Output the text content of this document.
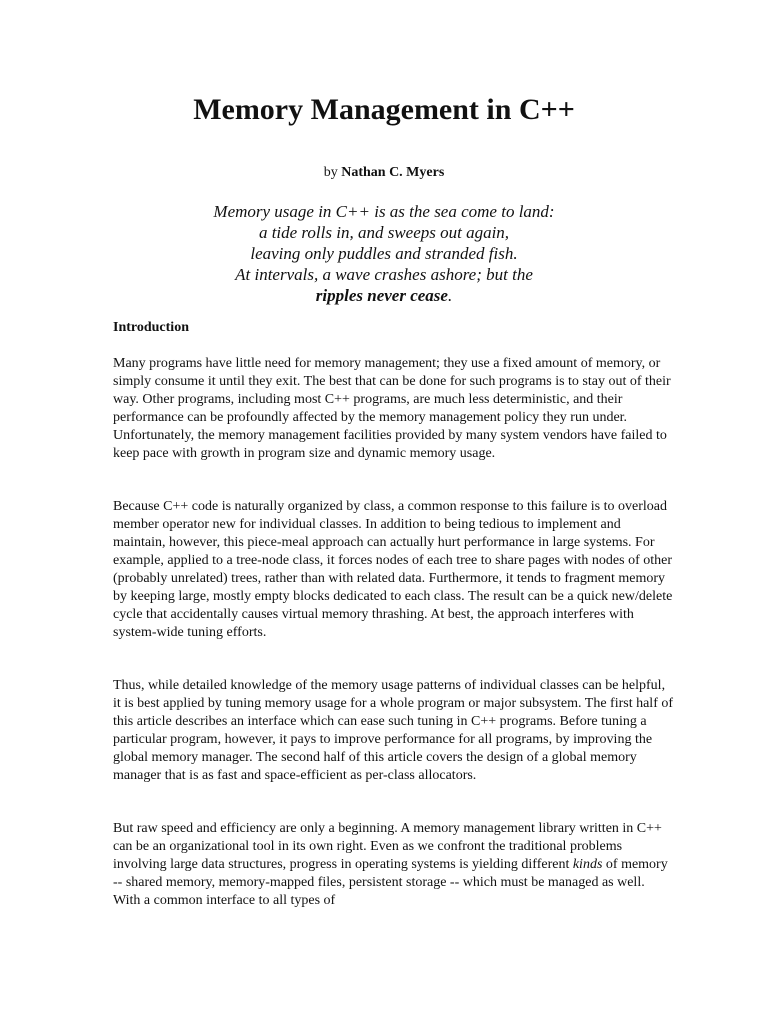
Memory Management in C++
by Nathan C. Myers
Memory usage in C++ is as the sea come to land:
a tide rolls in, and sweeps out again,
leaving only puddles and stranded fish.
At intervals, a wave crashes ashore; but the
ripples never cease.
Introduction

Many programs have little need for memory management; they use a fixed amount of memory, or simply consume it until they exit. The best that can be done for such programs is to stay out of their way. Other programs, including most C++ programs, are much less deterministic, and their performance can be profoundly affected by the memory management policy they run under. Unfortunately, the memory management facilities provided by many system vendors have failed to keep pace with growth in program size and dynamic memory usage.

Because C++ code is naturally organized by class, a common response to this failure is to overload member operator new for individual classes. In addition to being tedious to implement and maintain, however, this piece-meal approach can actually hurt performance in large systems. For example, applied to a tree-node class, it forces nodes of each tree to share pages with nodes of other (probably unrelated) trees, rather than with related data. Furthermore, it tends to fragment memory by keeping large, mostly empty blocks dedicated to each class. The result can be a quick new/delete cycle that accidentally causes virtual memory thrashing. At best, the approach interferes with system-wide tuning efforts.

Thus, while detailed knowledge of the memory usage patterns of individual classes can be helpful, it is best applied by tuning memory usage for a whole program or major subsystem. The first half of this article describes an interface which can ease such tuning in C++ programs. Before tuning a particular program, however, it pays to improve performance for all programs, by improving the global memory manager. The second half of this article covers the design of a global memory manager that is as fast and space-efficient as per-class allocators.

But raw speed and efficiency are only a beginning. A memory management library written in C++ can be an organizational tool in its own right. Even as we confront the traditional problems involving large data structures, progress in operating systems is yielding different kinds of memory -- shared memory, memory-mapped files, persistent storage -- which must be managed as well. With a common interface to all types of
